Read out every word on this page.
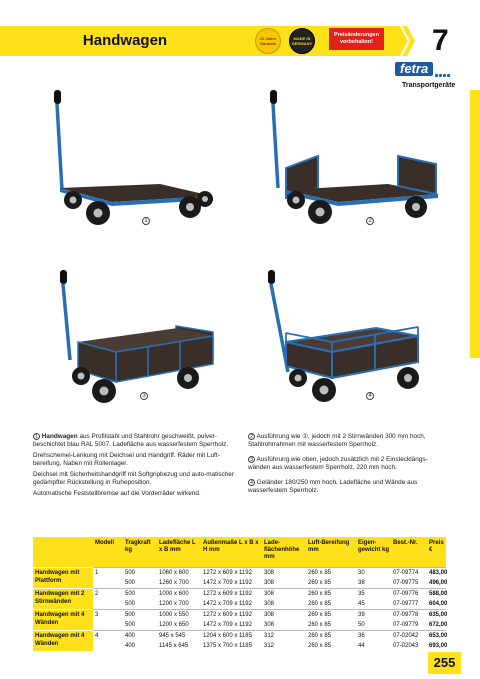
Handwagen	10 Jahre Garantie
MADE IN GERMANY
Preisänderungen vorbehalten!	7
fetra
Transportgeräte
1	2
3	4

1 Handwagen aus Profilstahl und Stahlrohr geschweißt, pulver-beschichtet blau RAL 5007. Ladefläche aus wasserfestem Sperrholz.

Drehschemel-Lenkung mit Deichsel und Handgriff. Räder mit Luft-bereifung, Naben mit Rollenlager.

Deichsel mit Sicherheitshandgriff mit Softgripbezug und auto-matischer gedämpfter Rückstellung in Ruheposition.

Automatische Feststellbremse auf die Vorderräder wirkend.

2 Ausführung wie ①, jedoch mit 2 Stirnwänden 300 mm hoch, Stahlrohrrahmen mit wasserfestem Sperrholz.

3 Ausführung wie oben, jedoch zusätzlich mit 2 Einstecklängs-wänden aus wasserfestem Sperrholz, 220 mm hoch.

4 Geländer 180/250 mm hoch, Ladefläche und Wände aus wasserfestem Sperrholz.

	Modell	Tragkraft kg	Ladefläche L x B mm	Außenmaße L x B x H mm	Lade-flächenhöhe mm	Luft-Bereifung mm	Eigen-gewicht kg	Best.-Nr.	Preis €
Handwagen mit Plattform	1	500	1060 x 600	1272 x 609 x 1192	308	260 x 85	30	07-09774	483,00
		500	1260 x 700	1472 x 709 x 1192	308	260 x 85	38	07-09775	496,00
Handwagen mit 2 Stirnwänden	2	500	1000 x 600	1272 x 609 x 1192	308	260 x 85	35	07-09776	588,00
		500	1200 x 700	1472 x 709 x 1192	308	260 x 85	45	07-09777	604,00
Handwagen mit 4 Wänden	3	500	1000 x 550	1272 x 609 x 1192	308	260 x 85	39	07-09778	635,00
		500	1200 x 650	1472 x 709 x 1192	308	260 x 85	50	07-09779	672,00
Handwagen mit 4 Wänden	4	400	945 x 545	1204 x 600 x 1185	312	260 x 85	36	07-02042	653,00
		400	1145 x 645	1375 x 700 x 1185	312	260 x 85	44	07-02043	693,00
255
